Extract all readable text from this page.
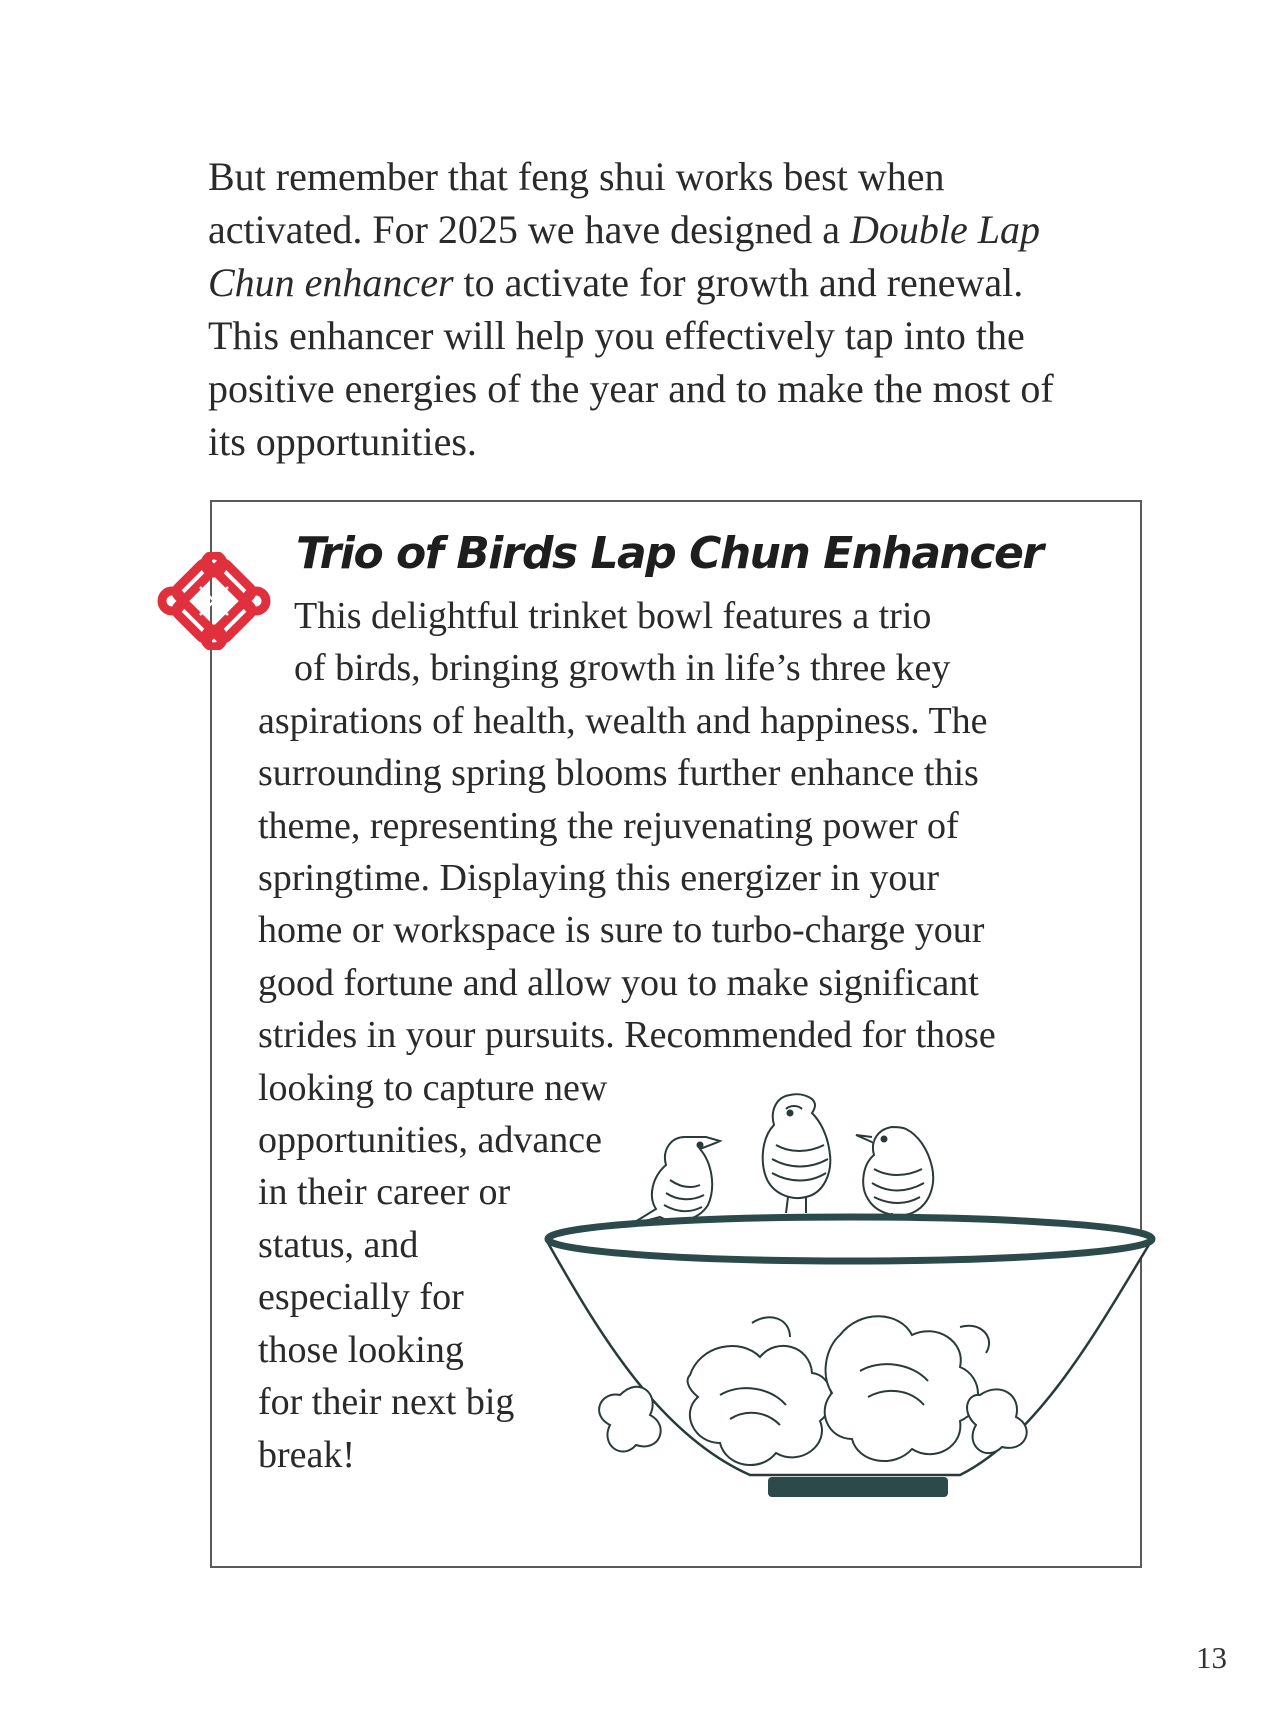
But remember that feng shui works best when
activated. For 2025 we have designed a Double Lap
Chun enhancer to activate for growth and renewal.
This enhancer will help you effectively tap into the
positive energies of the year and to make the most of
its opportunities.

Trio of Birds Lap Chun Enhancer
This delightful trinket bowl features a trio
of birds, bringing growth in life’s three key
aspirations of health, wealth and happiness. The
surrounding spring blooms further enhance this
theme, representing the rejuvenating power of
springtime. Displaying this energizer in your
home or workspace is sure to turbo-charge your
good fortune and allow you to make significant
strides in your pursuits. Recommended for those
looking to capture new
opportunities, advance
in their career or
status, and
especially for
those looking
for their next big
break!
13
